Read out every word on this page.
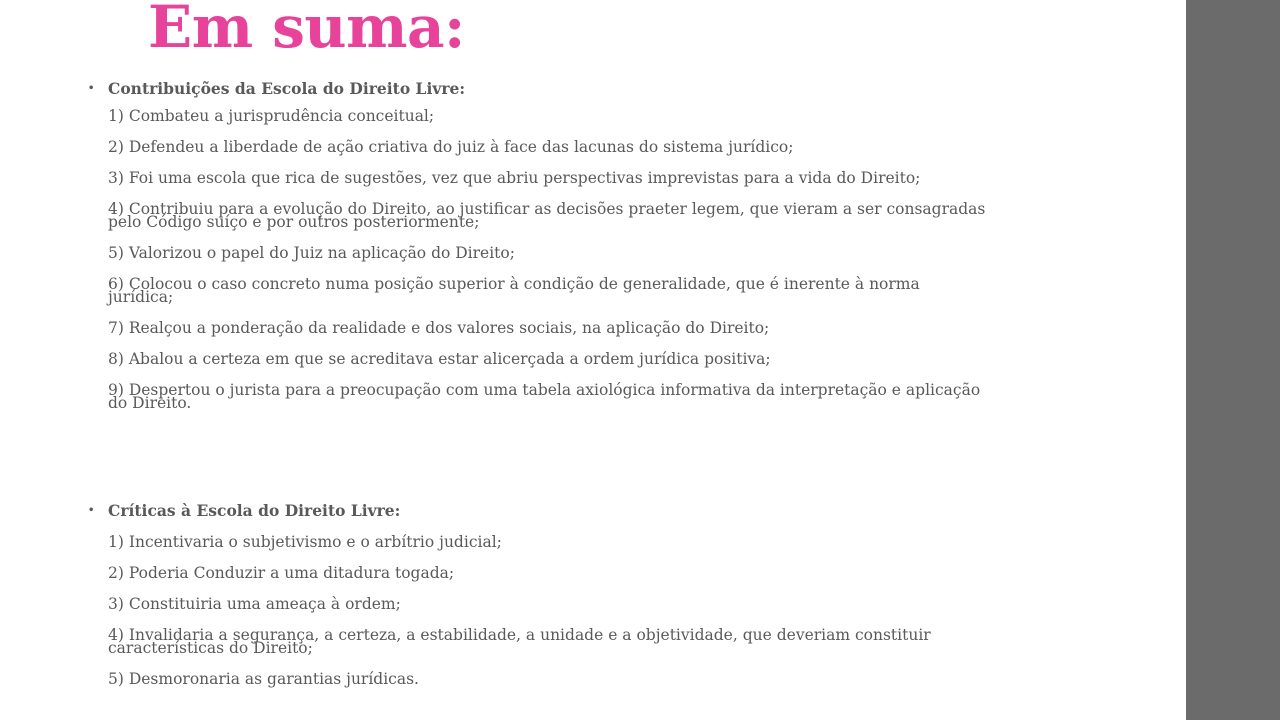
Em suma:
• Contribuições da Escola do Direito Livre:
1) Combateu a jurisprudência conceitual;
2) Defendeu a liberdade de ação criativa do juiz à face das lacunas do sistema jurídico;
3) Foi uma escola que rica de sugestões, vez que abriu perspectivas imprevistas para a vida do Direito;
4) Contribuiu para a evolução do Direito, ao justificar as decisões praeter legem, que vieram a ser consagradas pelo Código suíço e por outros posteriormente;
5) Valorizou o papel do Juiz na aplicação do Direito;
6) Colocou o caso concreto numa posição superior à condição de generalidade, que é inerente à norma jurídica;
7) Realçou a ponderação da realidade e dos valores sociais, na aplicação do Direito;
8) Abalou a certeza em que se acreditava estar alicerçada a ordem jurídica positiva;
9) Despertou o jurista para a preocupação com uma tabela axiológica informativa da interpretação e aplicação do Direito.
• Críticas à Escola do Direito Livre:
1) Incentivaria o subjetivismo e o arbítrio judicial;
2) Poderia Conduzir a uma ditadura togada;
3) Constituiria uma ameaça à ordem;
4) Invalidaria a segurança, a certeza, a estabilidade, a unidade e a objetividade, que deveriam constituir características do Direito;
5) Desmoronaria as garantias jurídicas.
